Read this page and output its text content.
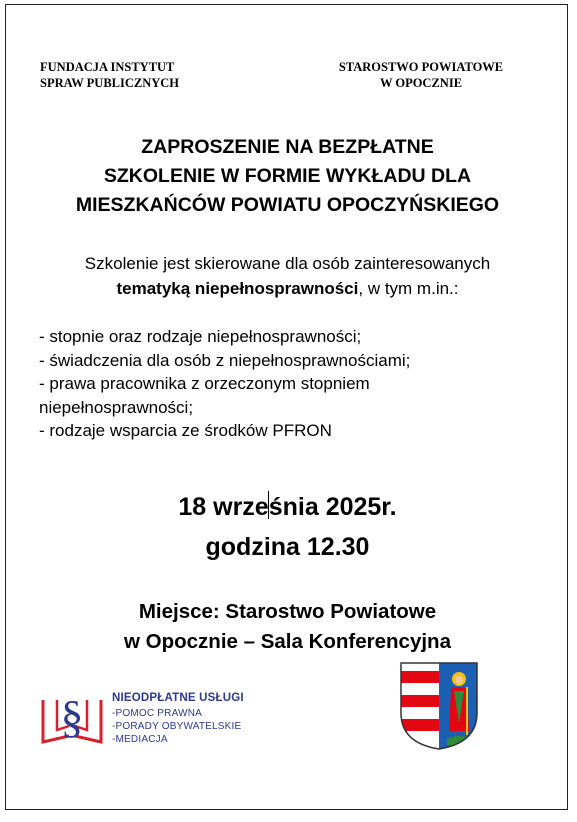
FUNDACJA INSTYTUT
SPRAW PUBLICZNYCH
STAROSTWO POWIATOWE
W OPOCZNIE
ZAPROSZENIE NA BEZPŁATNE
SZKOLENIE W FORMIE WYKŁADU DLA
MIESZKAŃCÓW POWIATU OPOCZYŃSKIEGO
Szkolenie jest skierowane dla osób zainteresowanych
tematyką niepełnosprawności, w tym m.in.:
- stopnie oraz rodzaje niepełnosprawności;
- świadczenia dla osób z niepełnosprawnościami;
- prawa pracownika z orzeczonym stopniem
niepełnosprawności;
- rodzaje wsparcia ze środków PFRON
18 września 2025r.
godzina 12.30
Miejsce: Starostwo Powiatowe
w Opocznie – Sala Konferencyjna
§ NIEODPŁATNE USŁUGI
-POMOC PRAWNA
-PORADY OBYWATELSKIE
-MEDIACJA
